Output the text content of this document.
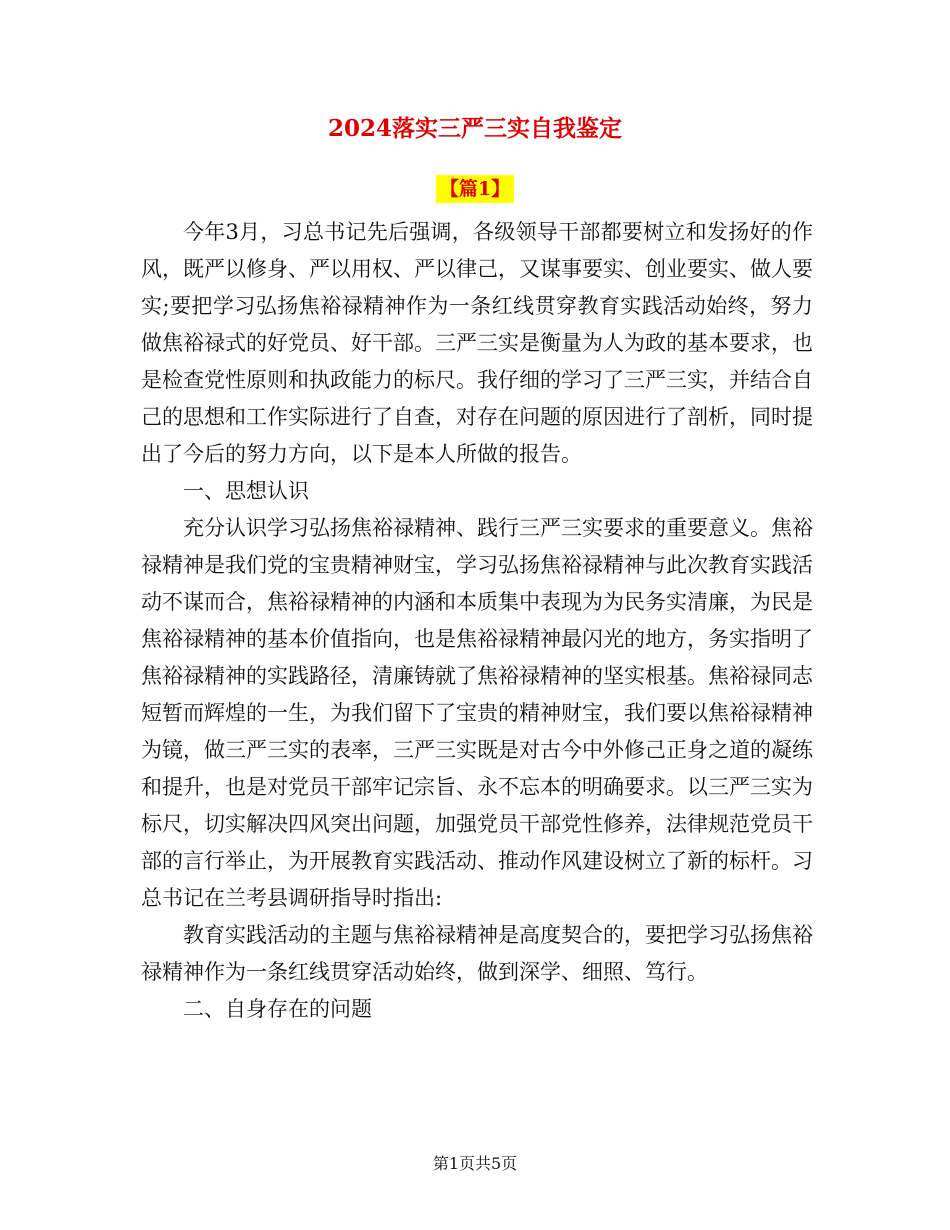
2024落实三严三实自我鉴定
【篇1】

今年3月，习总书记先后强调，各级领导干部都要树立和发扬好的作风，既严以修身、严以用权、严以律己，又谋事要实、创业要实、做人要实;要把学习弘扬焦裕禄精神作为一条红线贯穿教育实践活动始终，努力做焦裕禄式的好党员、好干部。三严三实是衡量为人为政的基本要求，也是检查党性原则和执政能力的标尺。我仔细的学习了三严三实，并结合自己的思想和工作实际进行了自查，对存在问题的原因进行了剖析，同时提出了今后的努力方向，以下是本人所做的报告。

一、思想认识

充分认识学习弘扬焦裕禄精神、践行三严三实要求的重要意义。焦裕禄精神是我们党的宝贵精神财宝，学习弘扬焦裕禄精神与此次教育实践活动不谋而合，焦裕禄精神的内涵和本质集中表现为为民务实清廉，为民是焦裕禄精神的基本价值指向，也是焦裕禄精神最闪光的地方，务实指明了焦裕禄精神的实践路径，清廉铸就了焦裕禄精神的坚实根基。焦裕禄同志短暂而辉煌的一生，为我们留下了宝贵的精神财宝，我们要以焦裕禄精神为镜，做三严三实的表率，三严三实既是对古今中外修己正身之道的凝练和提升，也是对党员干部牢记宗旨、永不忘本的明确要求。以三严三实为标尺，切实解决四风突出问题，加强党员干部党性修养，法律规范党员干部的言行举止，为开展教育实践活动、推动作风建设树立了新的标杆。习总书记在兰考县调研指导时指出:

教育实践活动的主题与焦裕禄精神是高度契合的，要把学习弘扬焦裕禄精神作为一条红线贯穿活动始终，做到深学、细照、笃行。

二、自身存在的问题

第1页共5页
